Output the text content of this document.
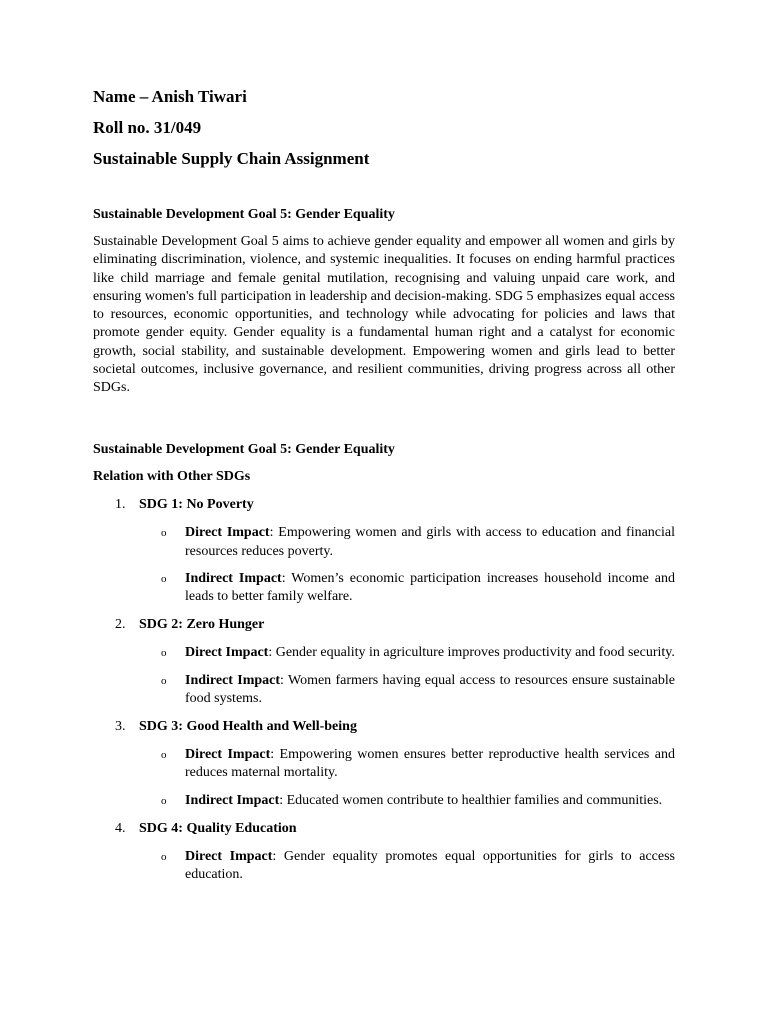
Name – Anish Tiwari

Roll no. 31/049

Sustainable Supply Chain Assignment

Sustainable Development Goal 5: Gender Equality

Sustainable Development Goal 5 aims to achieve gender equality and empower all women and girls by eliminating discrimination, violence, and systemic inequalities. It focuses on ending harmful practices like child marriage and female genital mutilation, recognising and valuing unpaid care work, and ensuring women's full participation in leadership and decision-making. SDG 5 emphasizes equal access to resources, economic opportunities, and technology while advocating for policies and laws that promote gender equity. Gender equality is a fundamental human right and a catalyst for economic growth, social stability, and sustainable development. Empowering women and girls lead to better societal outcomes, inclusive governance, and resilient communities, driving progress across all other SDGs.

Sustainable Development Goal 5: Gender Equality

Relation with Other SDGs

1. SDG 1: No Poverty
o	Direct Impact: Empowering women and girls with access to education and financial resources reduces poverty.
o	Indirect Impact: Women’s economic participation increases household income and leads to better family welfare.
2. SDG 2: Zero Hunger
o	Direct Impact: Gender equality in agriculture improves productivity and food security.
o	Indirect Impact: Women farmers having equal access to resources ensure sustainable food systems.
3. SDG 3: Good Health and Well-being
o	Direct Impact: Empowering women ensures better reproductive health services and reduces maternal mortality.
o	Indirect Impact: Educated women contribute to healthier families and communities.
4. SDG 4: Quality Education
o	Direct Impact: Gender equality promotes equal opportunities for girls to access education.
